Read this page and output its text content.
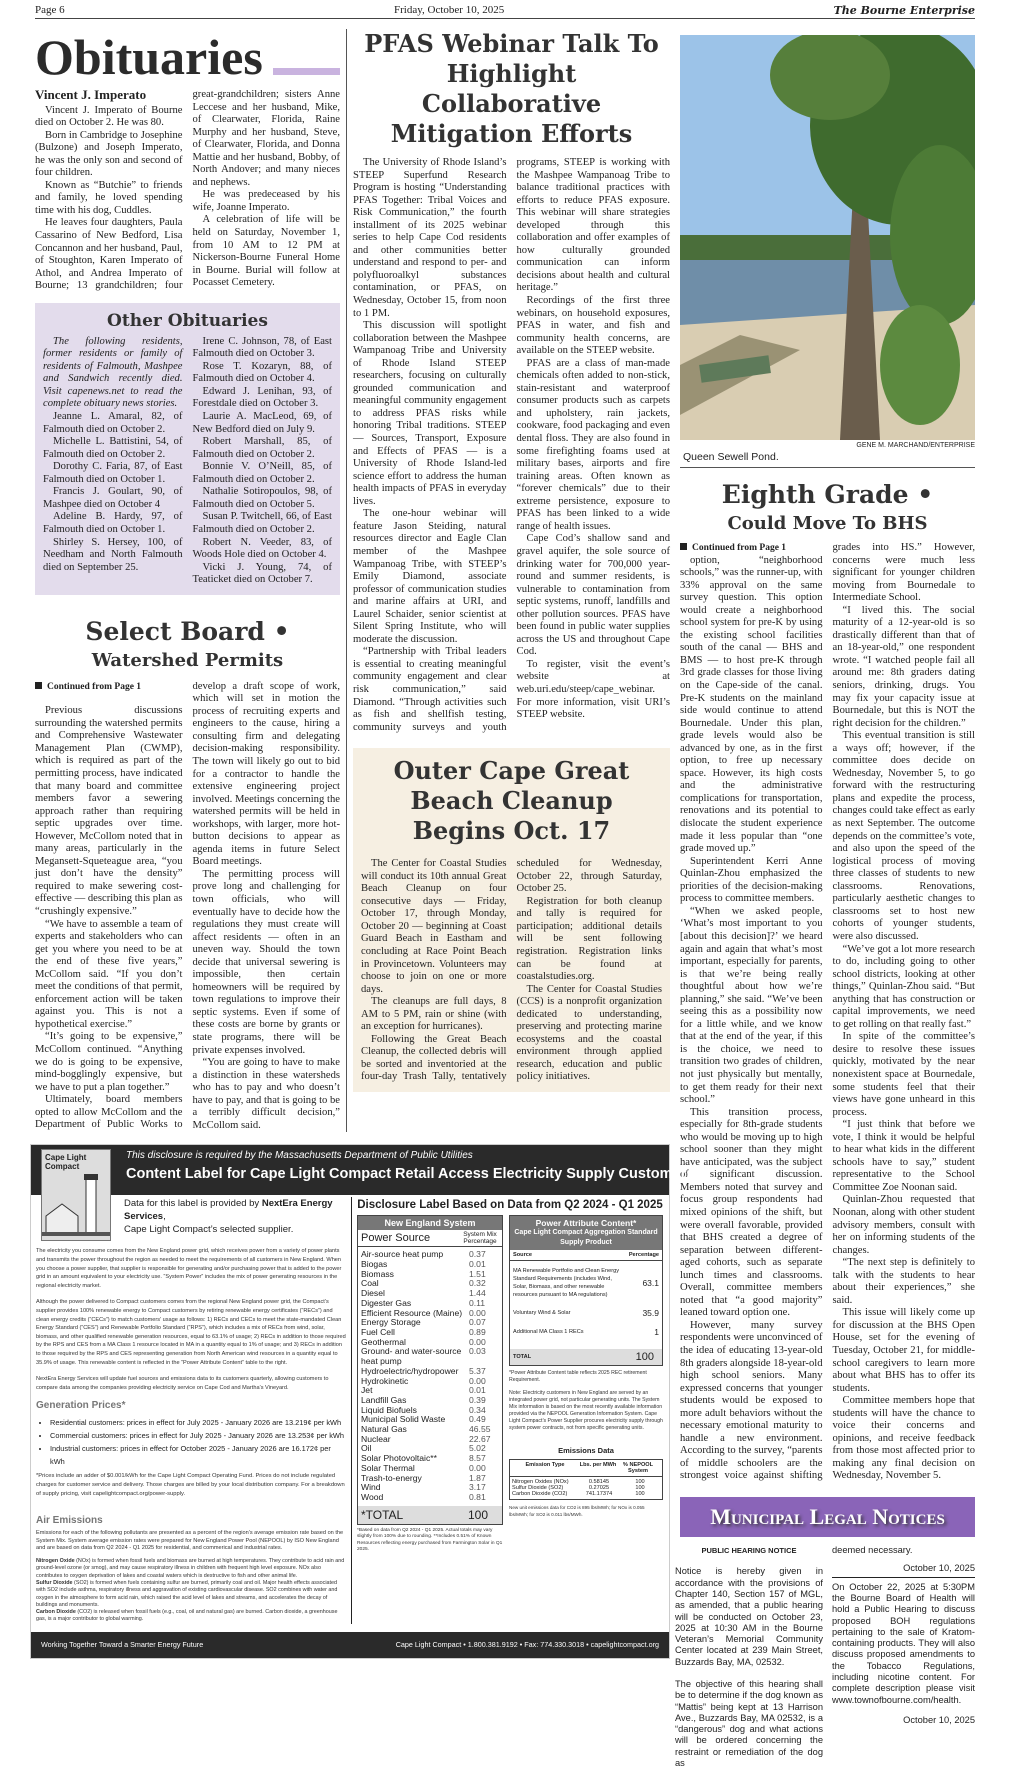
Page 6	Friday, October 10, 2025	The Bourne Enterprise
Obituaries
Vincent J. Imperato

Vincent J. Imperato of Bourne died on October 2. He was 80.

Born in Cambridge to Josephine (Bulzone) and Joseph Imperato, he was the only son and second of four children.

Known as “Butchie” to friends and family, he loved spending time with his dog, Cuddles.

He leaves four daughters, Paula Cassarino of New Bedford, Lisa Concannon and her husband, Paul, of Stoughton, Karen Imperato of Athol, and Andrea Imperato of Bourne; 13 grandchildren; four great-grandchildren; sisters Anne Leccese and her husband, Mike, of Clearwater, Florida, Raine Murphy and her husband, Steve, of Clearwater, Florida, and Donna Mattie and her husband, Bobby, of North Andover; and many nieces and nephews.

He was predeceased by his wife, Joanne Imperato.

A celebration of life will be held on Saturday, November 1, from 10 AM to 12 PM at Nickerson-Bourne Funeral Home in Bourne. Burial will follow at Pocasset Cemetery.

Other Obituaries

The following residents, former residents or family of residents of Falmouth, Mashpee and Sandwich recently died. Visit capenews.net to read the complete obituary news stories.

Jeanne L. Amaral, 82, of Falmouth died on October 2.

Michelle L. Battistini, 54, of Falmouth died on October 2.

Dorothy C. Faria, 87, of East Falmouth died on October 1.

Francis J. Goulart, 90, of Mashpee died on October 4

Adeline B. Hardy, 97, of Falmouth died on October 1.

Shirley S. Hersey, 100, of Needham and North Falmouth died on September 25.

Irene C. Johnson, 78, of East Falmouth died on October 3.

Rose T. Kozaryn, 88, of Falmouth died on October 4.

Edward J. Lenihan, 93, of Forestdale died on October 3.

Laurie A. MacLeod, 69, of New Bedford died on July 9.

Robert Marshall, 85, of Falmouth died on October 2.

Bonnie V. O’Neill, 85, of Falmouth died on October 2.

Nathalie Sotiropoulos, 98, of Falmouth died on October 5.

Susan P. Twitchell, 66, of East Falmouth died on October 2.

Robert N. Veeder, 83, of Woods Hole died on October 4.

Vicki J. Young, 74, of Teaticket died on October 7.

Select Board •
Watershed Permits

Continued from Page 1

Previous discussions surrounding the watershed permits and Comprehensive Wastewater Management Plan (CWMP), which is required as part of the permitting process, have indicated that many board and committee members favor a sewering approach rather than requiring septic upgrades over time. However, McCollom noted that in many areas, particularly in the Megansett-Squeteague area, “you just don’t have the density” required to make sewering cost-effective — describing this plan as “crushingly expensive.”

“We have to assemble a team of experts and stakeholders who can get you where you need to be at the end of these five years,” McCollom said. “If you don’t meet the conditions of that permit, enforcement action will be taken against you. This is not a hypothetical exercise.”

“It’s going to be expensive,” McCollom continued. “Anything we do is going to be expensive, mind-bogglingly expensive, but we have to put a plan together.”

Ultimately, board members opted to allow McCollom and the Department of Public Works to develop a draft scope of work, which will set in motion the process of recruiting experts and engineers to the cause, hiring a consulting firm and delegating decision-making responsibility. The town will likely go out to bid for a contractor to handle the extensive engineering project involved. Meetings concerning the watershed permits will be held in workshops, with larger, more hot-button decisions to appear as agenda items in future Select Board meetings.

The permitting process will prove long and challenging for town officials, who will eventually have to decide how the regulations they must create will affect residents — often in an uneven way. Should the town decide that universal sewering is impossible, then certain homeowners will be required by town regulations to improve their septic systems. Even if some of these costs are borne by grants or state programs, there will be private expenses involved.

“You are going to have to make a distinction in these watersheds who has to pay and who doesn’t have to pay, and that is going to be a terribly difficult decision,” McCollom said.

PFAS Webinar Talk To Highlight Collaborative Mitigation Efforts

The University of Rhode Island’s STEEP Superfund Research Program is hosting “Understanding PFAS Together: Tribal Voices and Risk Communication,” the fourth installment of its 2025 webinar series to help Cape Cod residents and other communities better understand and respond to per- and polyfluoroalkyl substances contamination, or PFAS, on Wednesday, October 15, from noon to 1 PM.

This discussion will spotlight collaboration between the Mashpee Wampanoag Tribe and University of Rhode Island STEEP researchers, focusing on culturally grounded communication and meaningful community engagement to address PFAS risks while honoring Tribal traditions. STEEP — Sources, Transport, Exposure and Effects of PFAS — is a University of Rhode Island-led science effort to address the human health impacts of PFAS in everyday lives.

The one-hour webinar will feature Jason Steiding, natural resources director and Eagle Clan member of the Mashpee Wampanoag Tribe, with STEEP’s Emily Diamond, associate professor of communication studies and marine affairs at URI, and Laurel Schaider, senior scientist at Silent Spring Institute, who will moderate the discussion.

“Partnership with Tribal leaders is essential to creating meaningful community engagement and clear risk communication,” said Diamond. “Through activities such as fish and shellfish testing, community surveys and youth programs, STEEP is working with the Mashpee Wampanoag Tribe to balance traditional practices with efforts to reduce PFAS exposure. This webinar will share strategies developed through this collaboration and offer examples of how culturally grounded communication can inform decisions about health and cultural heritage.”

Recordings of the first three webinars, on household exposures, PFAS in water, and fish and community health concerns, are available on the STEEP website.

PFAS are a class of man-made chemicals often added to non-stick, stain-resistant and waterproof consumer products such as carpets and upholstery, rain jackets, cookware, food packaging and even dental floss. They are also found in some firefighting foams used at military bases, airports and fire training areas. Often known as “forever chemicals” due to their extreme persistence, exposure to PFAS has been linked to a wide range of health issues.

Cape Cod’s shallow sand and gravel aquifer, the sole source of drinking water for 700,000 year-round and summer residents, is vulnerable to contamination from septic systems, runoff, landfills and other pollution sources. PFAS have been found in public water supplies across the US and throughout Cape Cod.

To register, visit the event’s website at web.uri.edu/steep/cape_webinar. For more information, visit URI’s STEEP website.

Outer Cape Great Beach Cleanup Begins Oct. 17

The Center for Coastal Studies will conduct its 10th annual Great Beach Cleanup on four consecutive days — Friday, October 17, through Monday, October 20 — beginning at Coast Guard Beach in Eastham and concluding at Race Point Beach in Provincetown. Volunteers may choose to join on one or more days.

The cleanups are full days, 8 AM to 5 PM, rain or shine (with an exception for hurricanes).

Following the Great Beach Cleanup, the collected debris will be sorted and inventoried at the four-day Trash Tally, tentatively scheduled for Wednesday, October 22, through Saturday, October 25.

Registration for both cleanup and tally is required for participation; additional details will be sent following registration. Registration links can be found at coastalstudies.org.

The Center for Coastal Studies (CCS) is a nonprofit organization dedicated to understanding, preserving and protecting marine ecosystems and the coastal environment through applied research, education and public policy initiatives.

This disclosure is required by the Massachusetts Department of Public Utilities
Content Label for Cape Light Compact Retail Access Electricity Supply Customers
Cape Light Compact
Data for this label is provided by NextEra Energy Services,
Cape Light Compact’s selected supplier.

The electricity you consume comes from the New England power grid, which receives power from a variety of power plants and transmits the power throughout the region as needed to meet the requirements of all customers in New England. When you choose a power supplier, that supplier is responsible for generating and/or purchasing power that is added to the power grid in an amount equivalent to your electricity use. “System Power” includes the mix of power generating resources in the regional electricity market.

Although the power delivered to Compact customers comes from the regional New England power grid, the Compact’s supplier provides 100% renewable energy to Compact customers by retiring renewable energy certificates (“RECs”) and clean energy credits (“CECs”) to match customers’ usage as follows: 1) RECs and CECs to meet the state-mandated Clean Energy Standard (“CES”) and Renewable Portfolio Standard (“RPS”), which includes a mix of RECs from wind, solar, biomass, and other qualified renewable generation resources, equal to 63.1% of usage; 2) RECs in addition to those required by the RPS and CES from a MA Class 1 resource located in MA in a quantity equal to 1% of usage; and 3) RECs in addition to those required by the RPS and CES representing generation from North American wind resources in a quantity equal to 35.9% of usage. This renewable content is reflected in the “Power Attribute Content” table to the right.

NextEra Energy Services will update fuel sources and emissions data to its customers quarterly, allowing customers to compare data among the companies providing electricity service on Cape Cod and Martha’s Vineyard.

Generation Prices*
• Residential customers: prices in effect for July 2025 - January 2026 are 13.219¢ per kWh
• Commercial customers: prices in effect for July 2025 - January 2026 are 13.253¢ per kWh
• Industrial customers: prices in effect for October 2025 - January 2026 are 16.172¢ per kWh
*Prices include an adder of $0.001/kWh for the Cape Light Compact Operating Fund. Prices do not include regulated charges for customer service and delivery. Those charges are billed by your local distribution company. For a breakdown of supply pricing, visit capelightcompact.org/power-supply.
Air Emissions
Emissions for each of the following pollutants are presented as a percent of the region’s average emission rate based on the System Mix. System average emission rates were prepared for New England Power Pool (NEPOOL) by ISO New England and are based on data from Q2 2024 - Q1 2025 for residential, and commerical and industrial rates.
Nitrogen Oxide (NOx) is formed when fossil fuels and biomass are burned at high temperatures. They contribute to acid rain and ground-level ozone (or smog), and may cause respiratory illness in children with frequent high level exposure. NOx also contributes to oxygen deprivation of lakes and coastal waters which is destructive to fish and other animal life.
Sulfur Dioxide (SO2) is formed when fuels containing sulfur are burned, primarily coal and oil. Major health effects associated with SO2 include asthma, respiratory illness and aggravation of existing cardiovascular disease. SO2 combines with water and oxygen in the atmosphere to form acid rain, which raised the acid level of lakes and streams, and accelerates the decay of buildings and monuments.
Carbon Dioxide (CO2) is released when fossil fuels (e.g., coal, oil and natural gas) are burned. Carbon dioxide, a greenhouse gas, is a major contributor to global warming.
Disclosure Label Based on Data from Q2 2024 - Q1 2025
New England System
Power Source	System Mix Percentage
Air-source heat pump	0.37
Biogas	0.01
Biomass	1.51
Coal	0.32
Diesel	1.44
Digester Gas	0.11
Efficient Resource (Maine) 0.00
Energy Storage	0.07
Fuel Cell	0.89
Geothermal	0.00
Ground- and water-source heat pump
0.03
Hydroelectric/hydropower 5.37
Hydrokinetic	0.00
Jet	0.01
Landfill Gas	0.39
Liquid Biofuels	0.34
Municipal Solid Waste	0.49
Natural Gas	46.55
Nuclear	22.67
Oil	5.02
Solar Photovoltaic**	8.57
Solar Thermal	0.00
Trash-to-energy	1.87
Wind	3.17
Wood	0.81
*TOTAL	100
*Based on data from Q2 2024 - Q1 2025. Actual totals may vary slightly from 100% due to rounding. **Includes 0.51% of Known Resources reflecting energy purchased from Farmington Solar in Q1 2025.
Power Attribute Content*
Cape Light Compact Aggregation Standard Supply Product
Source	Percentage
MA Renewable Portfolio and Clean Energy Standard Requirements (includes Wind, Solar, Biomass, and other renewable resources pursuant to MA regulations)
63.1
Voluntary Wind & Solar	35.9
Additional MA Class 1 RECs	1
TOTAL	100
*Power Attribute Content table reflects 2025 REC retirement Requirement.
Note: Electricity customers in New England are served by an integrated power grid, not particular generating units. The System Mix information is based on the most recently available information provided via the NEPOOL Generation Information System. Cape Light Compact’s Power Supplier procures electricity supply through system power contracts, not from specific generating units.
Emissions Data
Emission Type	Lbs. per MWh	% NEPOOL System
Nitrogen Oxides (NOx)	0.58145	100
Sulfur Dioxide (SO2)	0.27025	100
Carbon Dioxide (CO2)	741.17374	100
New unit emissions data for CO2 is 895 lbs/MWh; for NOx is 0.055 lbs/MWh; for SO2 is 0.011 lbs/MWh.
Working Together Toward a Smarter Energy Future	Cape Light Compact • 1.800.381.9192 • Fax: 774.330.3018 • capelightcompact.org
GENE M. MARCHAND/ENTERPRISE
Queen Sewell Pond.
Eighth Grade •
Could Move To BHS

Continued from Page 1

option, “neighborhood schools,” was the runner-up, with 33% approval on the same survey question. This option would create a neighborhood school system for pre-K by using the existing school facilities south of the canal — BHS and BMS — to host pre-K through 3rd grade classes for those living on the Cape-side of the canal. Pre-K students on the mainland side would continue to attend Bournedale. Under this plan, grade levels would also be advanced by one, as in the first option, to free up necessary space. However, its high costs and the administrative complications for transportation, renovations and its potential to dislocate the student experience made it less popular than “one grade moved up.”

Superintendent Kerri Anne Quinlan-Zhou emphasized the priorities of the decision-making process to committee members.

“When we asked people, ‘What’s most important to you [about this decision]?’ we heard again and again that what’s most important, especially for parents, is that we’re being really thoughtful about how we’re planning,” she said. “We’ve been seeing this as a possibility now for a little while, and we know that at the end of the year, if this is the choice, we need to transition two grades of children, not just physically but mentally, to get them ready for their next school.”

This transition process, especially for 8th-grade students who would be moving up to high school sooner than they might have anticipated, was the subject of significant discussion. Members noted that survey and focus group respondents had mixed opinions of the shift, but were overall favorable, provided that BHS created a degree of separation between different-aged cohorts, such as separate lunch times and classrooms. Overall, committee members noted that “a good majority” leaned toward option one.

However, many survey respondents were unconvinced of the idea of educating 13-year-old 8th graders alongside 18-year-old high school seniors. Many expressed concerns that younger students would be exposed to more adult behaviors without the necessary emotional maturity to handle a new environment. According to the survey, “parents of middle schoolers are the strongest voice against shifting grades into HS.” However, concerns were much less significant for younger children moving from Bournedale to Intermediate School.

“I lived this. The social maturity of a 12-year-old is so drastically different than that of an 18-year-old,” one respondent wrote. “I watched people fail all around me: 8th graders dating seniors, drinking, drugs. You may fix your capacity issue at Bournedale, but this is NOT the right decision for the children.”

This eventual transition is still a ways off; however, if the committee does decide on Wednesday, November 5, to go forward with the restructuring plans and expedite the process, changes could take effect as early as next September. The outcome depends on the committee’s vote, and also upon the speed of the logistical process of moving three classes of students to new classrooms. Renovations, particularly aesthetic changes to classrooms set to host new cohorts of younger students, were also discussed.

“We’ve got a lot more research to do, including going to other school districts, looking at other things,” Quinlan-Zhou said. “But anything that has construction or capital improvements, we need to get rolling on that really fast.”

In spite of the committee’s desire to resolve these issues quickly, motivated by the near nonexistent space at Bournedale, some students feel that their views have gone unheard in this process.

“I just think that before we vote, I think it would be helpful to hear what kids in the different schools have to say,” student representative to the School Committee Zoe Noonan said.

Quinlan-Zhou requested that Noonan, along with other student advisory members, consult with her on informing students of the changes.

“The next step is definitely to talk with the students to hear about their experiences,” she said.

This issue will likely come up for discussion at the BHS Open House, set for the evening of Tuesday, October 21, for middle-school caregivers to learn more about what BHS has to offer its students.

Committee members hope that students will have the chance to voice their concerns and opinions, and receive feedback from those most affected prior to making any final decision on Wednesday, November 5.

Municipal Legal Notices
PUBLIC HEARING NOTICE

Notice is hereby given in accordance with the provisions of Chapter 140, Section 157 of MGL, as amended, that a public hearing will be conducted on October 23, 2025 at 10:30 AM in the Bourne Veteran’s Memorial Community Center located at 239 Main Street, Buzzards Bay, MA, 02532.

The objective of this hearing shall be to determine if the dog known as “Mattis” being kept at 13 Harrison Ave., Buzzards Bay, MA 02532, is a “dangerous” dog and what actions will be ordered concerning the restraint or remediation of the dog as

deemed necessary.
October 10, 2025
On October 22, 2025 at 5:30PM the Bourne Board of Health will hold a Public Hearing to discuss proposed BOH regulations pertaining to the sale of Kratom-containing products. They will also discuss proposed amendments to the Tobacco Regulations, including nicotine content. For complete description please visit www.townofbourne.com/health.
October 10, 2025
